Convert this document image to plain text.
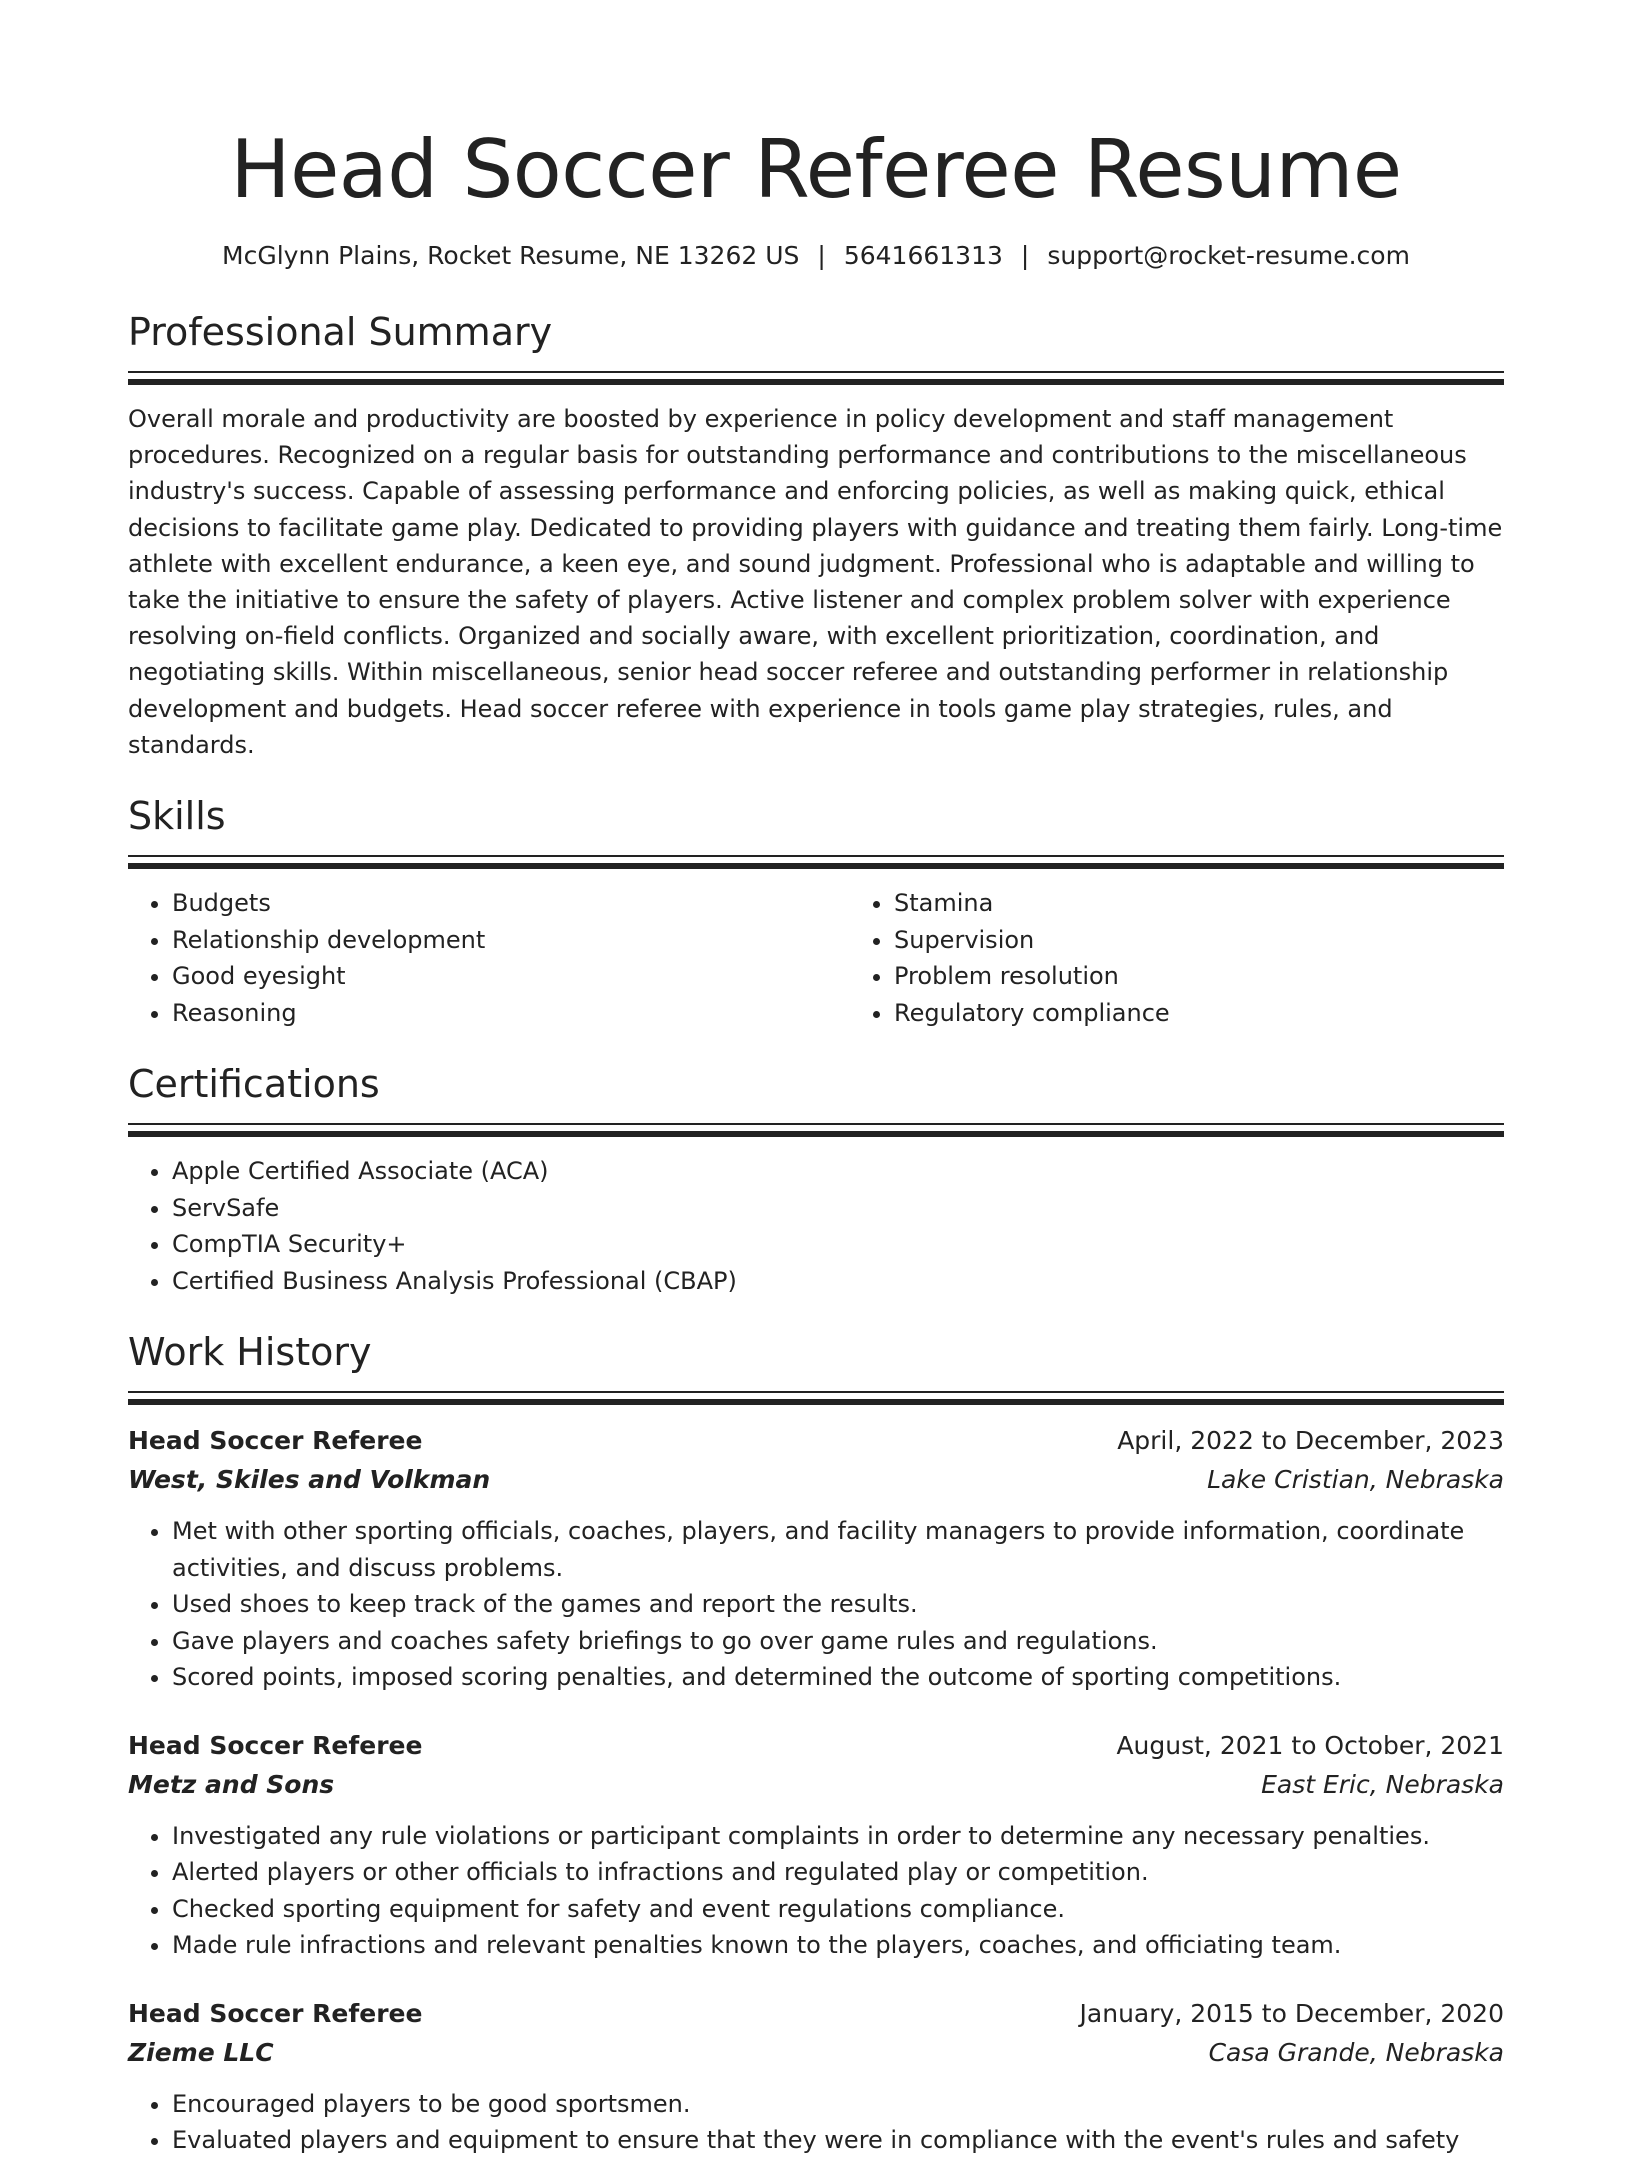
Head Soccer Referee Resume
McGlynn Plains, Rocket Resume, NE 13262 US | 5641661313 | support@rocket-resume.com
Professional Summary

Overall morale and productivity are boosted by experience in policy development and staff management procedures. Recognized on a regular basis for outstanding performance and contributions to the miscellaneous industry's success. Capable of assessing performance and enforcing policies, as well as making quick, ethical decisions to facilitate game play. Dedicated to providing players with guidance and treating them fairly. Long-time athlete with excellent endurance, a keen eye, and sound judgment. Professional who is adaptable and willing to take the initiative to ensure the safety of players. Active listener and complex problem solver with experience resolving on-field conflicts. Organized and socially aware, with excellent prioritization, coordination, and negotiating skills. Within miscellaneous, senior head soccer referee and outstanding performer in relationship development and budgets. Head soccer referee with experience in tools game play strategies, rules, and standards.

Skills
• Budgets
• Relationship development
• Good eyesight
• Reasoning
• Stamina
• Supervision
• Problem resolution
• Regulatory compliance
Certifications
• Apple Certified Associate (ACA)
• ServSafe
• CompTIA Security+
• Certified Business Analysis Professional (CBAP)
Work History
Head Soccer Referee	April, 2022 to December, 2023
West, Skiles and Volkman	Lake Cristian, Nebraska
• Met with other sporting officials, coaches, players, and facility managers to provide information, coordinate activities, and discuss problems.
• Used shoes to keep track of the games and report the results.
• Gave players and coaches safety briefings to go over game rules and regulations.
• Scored points, imposed scoring penalties, and determined the outcome of sporting competitions.
Head Soccer Referee	August, 2021 to October, 2021
Metz and Sons	East Eric, Nebraska
• Investigated any rule violations or participant complaints in order to determine any necessary penalties.
• Alerted players or other officials to infractions and regulated play or competition.
• Checked sporting equipment for safety and event regulations compliance.
• Made rule infractions and relevant penalties known to the players, coaches, and officiating team.
Head Soccer Referee	January, 2015 to December, 2020
Zieme LLC	Casa Grande, Nebraska
• Encouraged players to be good sportsmen.
• Evaluated players and equipment to ensure that they were in compliance with the event's rules and safety
